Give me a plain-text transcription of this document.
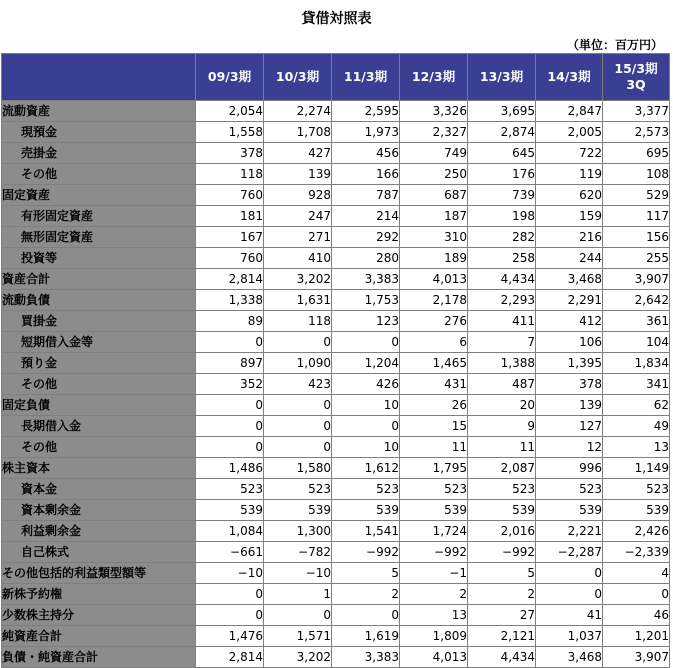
貸借対照表
（単位：百万円）
	09/3期	10/3期	11/3期	12/3期	13/3期	14/3期	15/3期
3Q
流動資産	2,054	2,274	2,595	3,326	3,695	2,847	3,377
現預金	1,558	1,708	1,973	2,327	2,874	2,005	2,573
売掛金	378	427	456	749	645	722	695
その他	118	139	166	250	176	119	108
固定資産	760	928	787	687	739	620	529
有形固定資産	181	247	214	187	198	159	117
無形固定資産	167	271	292	310	282	216	156
投資等	760	410	280	189	258	244	255
資産合計	2,814	3,202	3,383	4,013	4,434	3,468	3,907
流動負債	1,338	1,631	1,753	2,178	2,293	2,291	2,642
買掛金	89	118	123	276	411	412	361
短期借入金等	0	0	0	6	7	106	104
預り金	897	1,090	1,204	1,465	1,388	1,395	1,834
その他	352	423	426	431	487	378	341
固定負債	0	0	10	26	20	139	62
長期借入金	0	0	0	15	9	127	49
その他	0	0	10	11	11	12	13
株主資本	1,486	1,580	1,612	1,795	2,087	996	1,149
資本金	523	523	523	523	523	523	523
資本剰余金	539	539	539	539	539	539	539
利益剰余金	1,084	1,300	1,541	1,724	2,016	2,221	2,426
自己株式	−661	−782	−992	−992	−992	−2,287	−2,339
その他包括的利益類型額等	−10	−10	5	−1	5	0	4
新株予約権	0	1	2	2	2	0	0
少数株主持分	0	0	0	13	27	41	46
純資産合計	1,476	1,571	1,619	1,809	2,121	1,037	1,201
負債・純資産合計	2,814	3,202	3,383	4,013	4,434	3,468	3,907
